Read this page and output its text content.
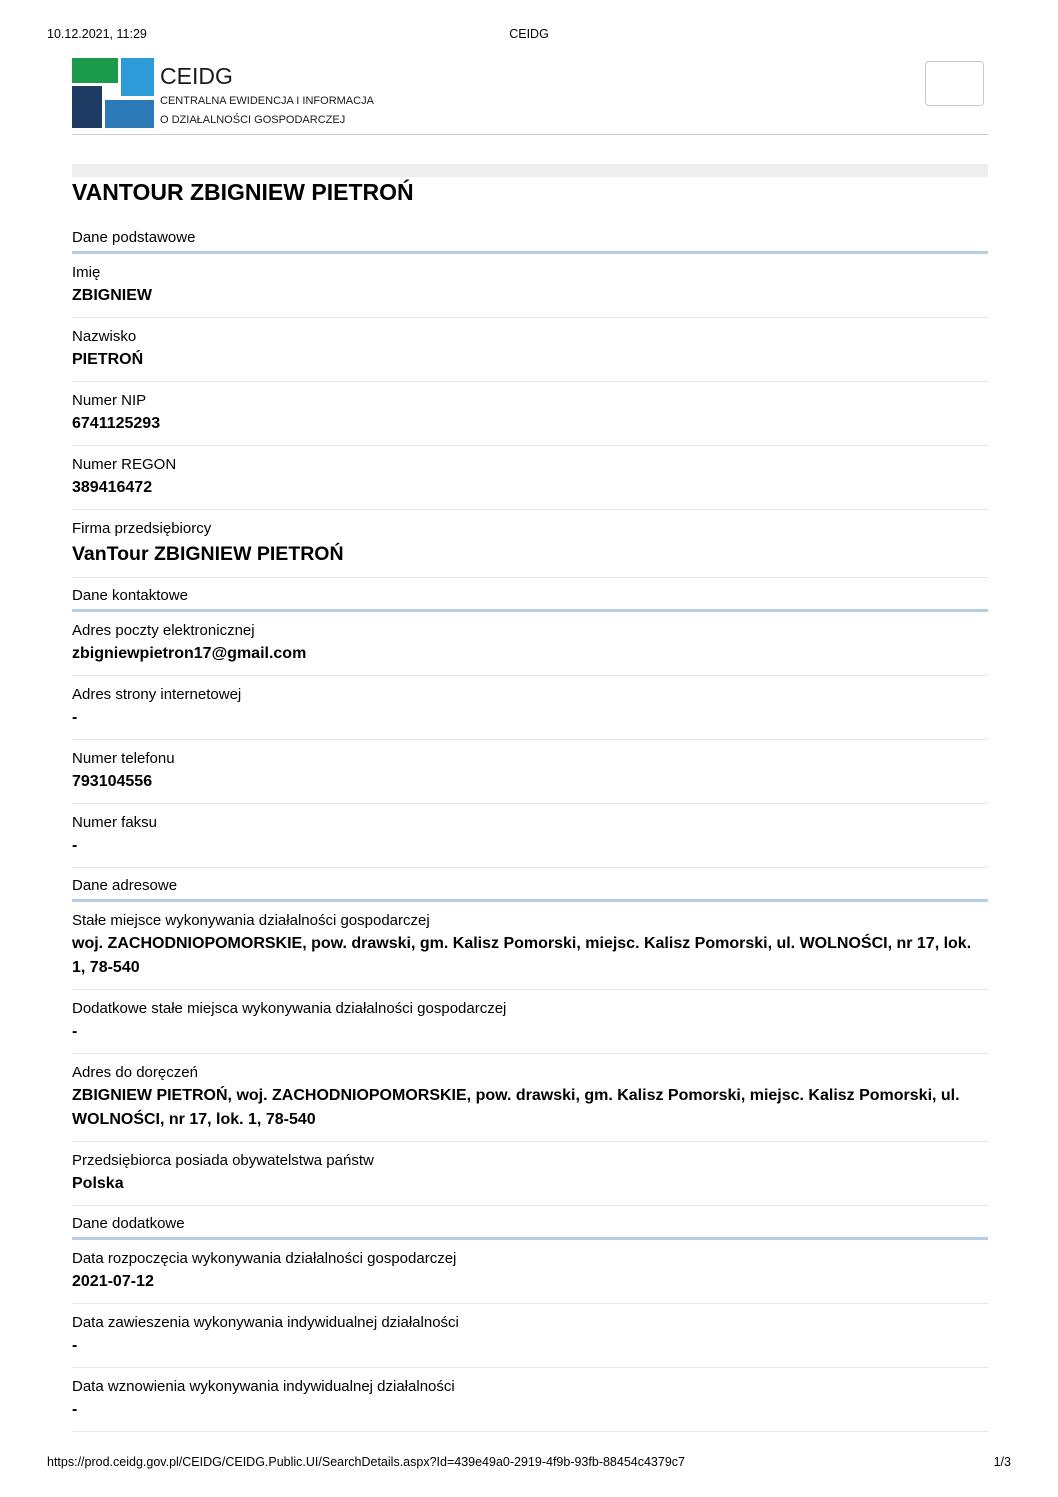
10.12.2021, 11:29	CEIDG
CEIDG
CENTRALNA EWIDENCJA I INFORMACJA
O DZIAŁALNOŚCI GOSPODARCZEJ
VANTOUR ZBIGNIEW PIETROŃ
Dane podstawowe
Imię
ZBIGNIEW
Nazwisko
PIETROŃ
Numer NIP
6741125293
Numer REGON
389416472
Firma przedsiębiorcy
VanTour ZBIGNIEW PIETROŃ
Dane kontaktowe
Adres poczty elektronicznej
zbigniewpietron17@gmail.com
Adres strony internetowej
-
Numer telefonu
793104556
Numer faksu
-
Dane adresowe
Stałe miejsce wykonywania działalności gospodarczej
woj. ZACHODNIOPOMORSKIE, pow. drawski, gm. Kalisz Pomorski, miejsc. Kalisz Pomorski, ul. WOLNOŚCI, nr 17, lok. 1, 78-540
Dodatkowe stałe miejsca wykonywania działalności gospodarczej
-
Adres do doręczeń
ZBIGNIEW PIETROŃ, woj. ZACHODNIOPOMORSKIE, pow. drawski, gm. Kalisz Pomorski, miejsc. Kalisz Pomorski, ul. WOLNOŚCI, nr 17, lok. 1, 78-540
Przedsiębiorca posiada obywatelstwa państw
Polska
Dane dodatkowe
Data rozpoczęcia wykonywania działalności gospodarczej
2021-07-12
Data zawieszenia wykonywania indywidualnej działalności
-
Data wznowienia wykonywania indywidualnej działalności
-
https://prod.ceidg.gov.pl/CEIDG/CEIDG.Public.UI/SearchDetails.aspx?Id=439e49a0-2919-4f9b-93fb-88454c4379c7	1/3
